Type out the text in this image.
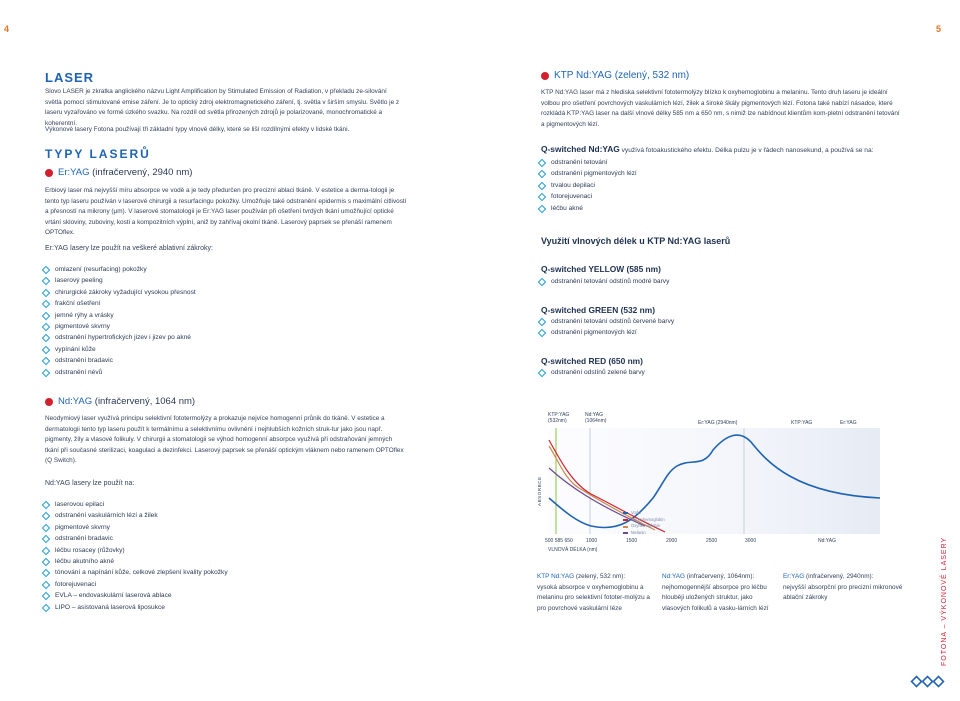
4	5
LASER
Slovo LASER je zkratka anglického názvu Light Amplification by Stimulated Emission of Radiation, v překladu ze-silování světla pomocí stimulované emise záření. Je to optický zdroj elektromagnetického záření, tj. světla v širším smyslu. Světlo je z laseru vyzařováno ve formě úzkého svazku. Na rozdíl od světla přirozených zdrojů je polarizované, monochromatické a koherentní.
Výkonové lasery Fotona používají tři základní typy vlnové délky, které se liší rozdílnými efekty v lidské tkáni.
TYPY LASERŮ
Er:YAG (infračervený, 2940 nm)
Erbiový laser má nejvyšší míru absorpce ve vodě a je tedy předurčen pro precizní ablaci tkáně. V estetice a derma-tologii je tento typ laseru používán v laserové chirurgii a resurfacingu pokožky. Umožňuje také odstranění epidermis s maximální citlivostí a přesností na mikrony (μm). V laserové stomatologii je Er:YAG laser používán při ošetření tvrdých tkání umožňující optické vrtání skloviny, zuboviny, kosti a kompozitních výplní, aniž by zahřívaj okolní tkáně. Laserový paprsek se přenáší ramenem OPTOflex.
Er:YAG lasery lze použít na veškeré ablativní zákroky:
omlazení (resurfacing) pokožky
laserový peeling
chirurgické zákroky vyžadující vysokou přesnost
frakční ošetření
jemné rýhy a vrásky
pigmentové skvrny
odstranění hypertrofických jizev i jizev po akné
vypínání kůže
odstranění bradavic
odstranění névů
Nd:YAG (infračervený, 1064 nm)
Neodymiový laser využívá principu selektivní fototermolýzy a prokazuje nejvíce homogenní průnik do tkáně. V estetice a dermatologii tento typ laseru použít k termálnímu a selektivnímu ovlivnění i nejhlubších kožních struk-tur jako jsou např. pigmenty, žíly a vlasové folikuly. V chirurgii a stomatologii se výhod homogenní absorpce využívá při odstraňování jemných tkání při současné sterilizaci, koagulaci a dezinfekci. Laserový paprsek se přenáší optickým vláknem nebo ramenem OPTOflex (Q Switch).
Nd:YAG lasery lze použít na:
laserovou epilaci
odstranění vaskulárních lézí a žilek
pigmentové skvrny
odstranění bradavic
léčbu rosacey (růžovky)
léčbu akutního akné
tónování a napínání kůže, celkové zlepšení kvality pokožky
fotorejuvenaci
EVLA – endovaskulární laserová ablace
LIPO – asistovaná laserová liposukce
KTP Nd:YAG (zelený, 532 nm)
KTP Nd:YAG laser má z hlediska selektivní fototermolýzy blízko k oxyhemoglobinu a melaninu. Tento druh laseru je ideální volbou pro ošetření povrchových vaskulárních lézí, žilek a široké škály pigmentových lézí. Fotona také nabízí násadce, které rozkládá KTP:YAG laser na další vlnové délky 585 nm a 650 nm, s nimiž lze nabídnout klientům kom-pletní odstranění tetování a pigmentových lézí.
Q-switched Nd:YAG využívá fotoakustického efektu. Délka pulzu je v řádech nanosekund, a používá se na:
odstranění tetování
odstranění pigmentových lézí
trvalou depilaci
fotorejuvenaci
léčbu akné
Využití vlnových délek u KTP Nd:YAG laserů
Q-switched YELLOW (585 nm)
odstranění tetování odstínů modré barvy
Q-switched GREEN (532 nm)
odstranění tetování odstínů červené barvy
odstranění pigmentových lézí
Q-switched RED (650 nm)
odstranění odstínů zelené barvy
KTP:YAG
(532nm)
Nd:YAG
(1064nm)	Er:YAG (2940nm)	KTP:YAG	Er:YAG
ABSORBCE
Voda
Deoxyhemoglobin
Oxyhemoglobin
Melanin
500 585 650	1000	1500	2000	2500	3000	Nd:YAG
VLNOVÁ DÉLKA (nm)
KTP Nd:YAG (zelený, 532 nm):
vysoká absorpce v oxyhemoglobinu a melaninu pro selektivní fototer-molýzu a pro povrchové vaskulární léze
Nd:YAG (infračervený, 1064nm):
nejhomogennější absorpce pro léčbu hlouběji uložených struktur, jako vlasových folikulů a vasku-lárních lézí
Er:YAG (infračervený, 2940nm):
nejvyšší absorpční pro precizní mikronové ablační zákroky	FOTONA – VÝKONOVÉ LASERY
